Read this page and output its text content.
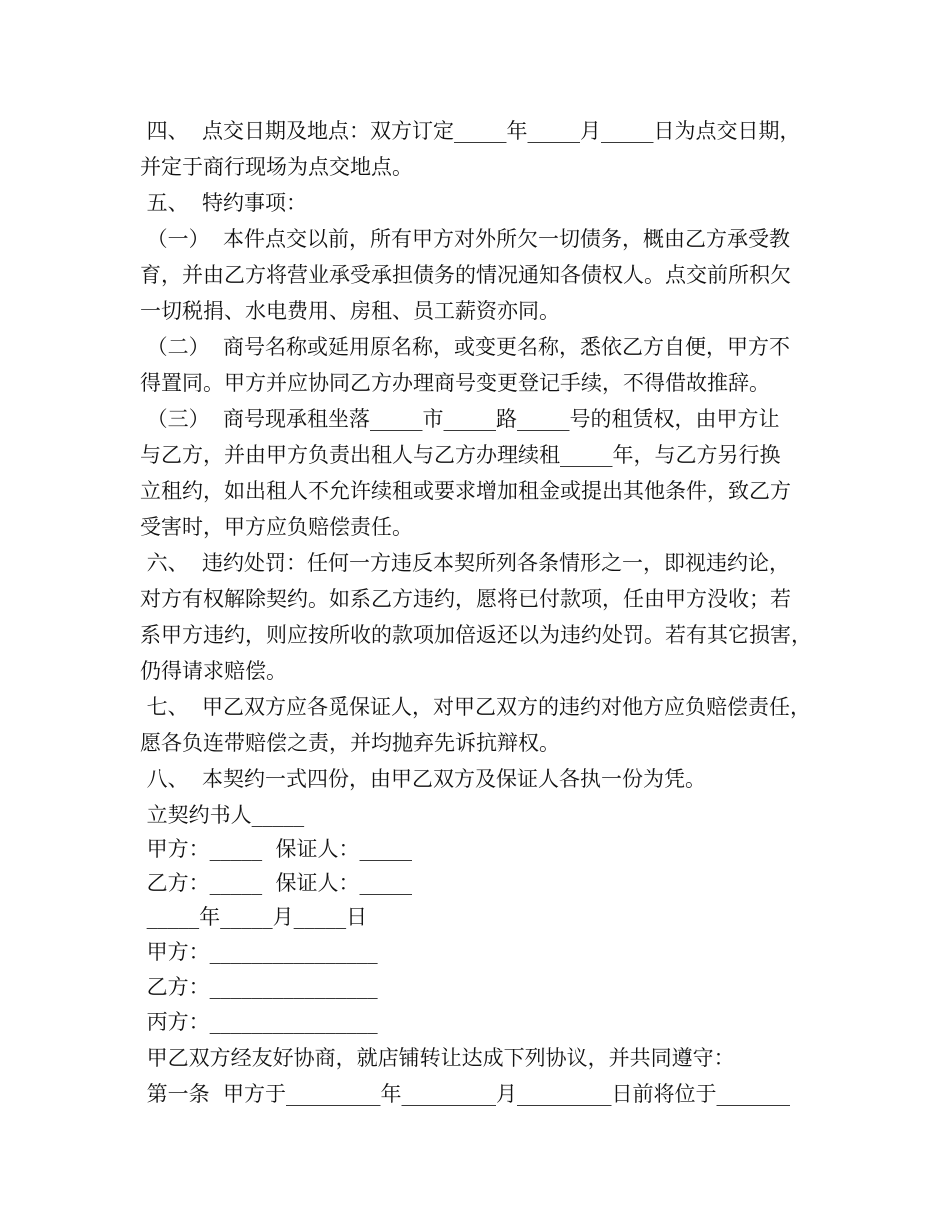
四、  点交日期及地点：双方订定_____年_____月_____日为点交日期，
并定于商行现场为点交地点。
五、  特约事项：
（一）  本件点交以前，所有甲方对外所欠一切债务，概由乙方承受教
育，并由乙方将营业承受承担债务的情况通知各债权人。点交前所积欠
一切税捐、水电费用、房租、员工薪资亦同。
（二）  商号名称或延用原名称，或变更名称，悉依乙方自便，甲方不
得置同。甲方并应协同乙方办理商号变更登记手续，不得借故推辞。
（三）  商号现承租坐落_____市_____路_____号的租赁权，由甲方让
与乙方，并由甲方负责出租人与乙方办理续租_____年，与乙方另行换
立租约，如出租人不允许续租或要求增加租金或提出其他条件，致乙方
受害时，甲方应负赔偿责任。
六、  违约处罚：任何一方违反本契所列各条情形之一，即视违约论，
对方有权解除契约。如系乙方违约，愿将已付款项，任由甲方没收；若
系甲方违约，则应按所收的款项加倍返还以为违约处罚。若有其它损害，
仍得请求赔偿。
七、  甲乙双方应各觅保证人，对甲乙双方的违约对他方应负赔偿责任，
愿各负连带赔偿之责，并均抛弃先诉抗辩权。
八、  本契约一式四份，由甲乙双方及保证人各执一份为凭。
立契约书人_____
甲方：_____  保证人：_____
乙方：_____  保证人：_____
_____年_____月_____日
甲方：________________
乙方：________________
丙方：________________
甲乙双方经友好协商，就店铺转让达成下列协议，并共同遵守：
第一条  甲方于_________年_________月_________日前将位于_______
